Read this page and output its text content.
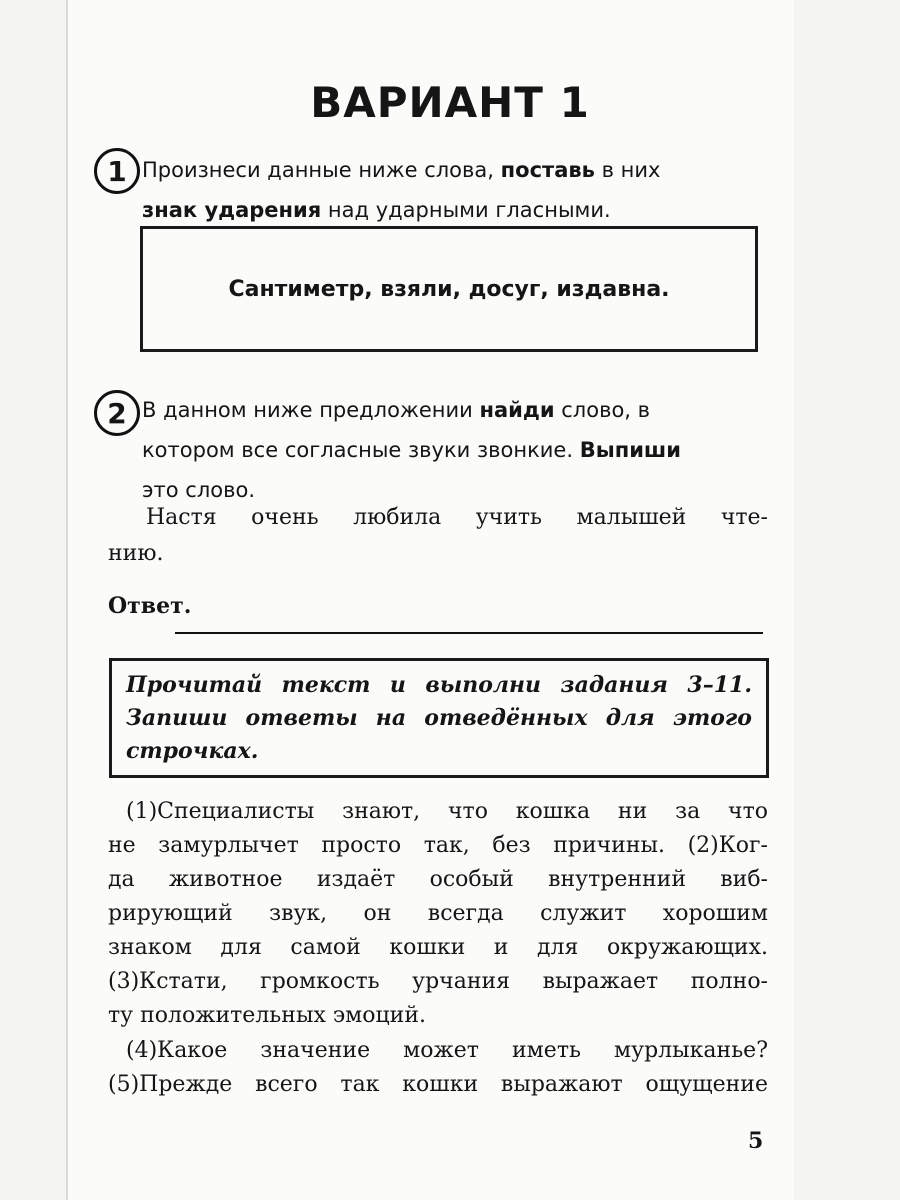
ВАРИАНТ 1
1 Произнеси данные ниже слова, поставь в них
знак ударения над ударными гласными.
Сантиметр, взяли, досуг, издавна.
2 В данном ниже предложении найди слово, в
котором все согласные звуки звонкие. Выпиши
это слово.
Настя очень любила учить малышей чте-
нию.
Ответ.
Прочитай текст и выполни задания 3–11.
Запиши ответы на отведённых для этого
строчках.
(1)Специалисты знают, что кошка ни за что
не замурлычет просто так, без причины. (2)Ког-
да животное издаёт особый внутренний виб-
рирующий звук, он всегда служит хорошим
знаком для самой кошки и для окружающих.
(3)Кстати, громкость урчания выражает полно-
ту положительных эмоций.
(4)Какое значение может иметь мурлыканье?
(5)Прежде всего так кошки выражают ощущение
5
